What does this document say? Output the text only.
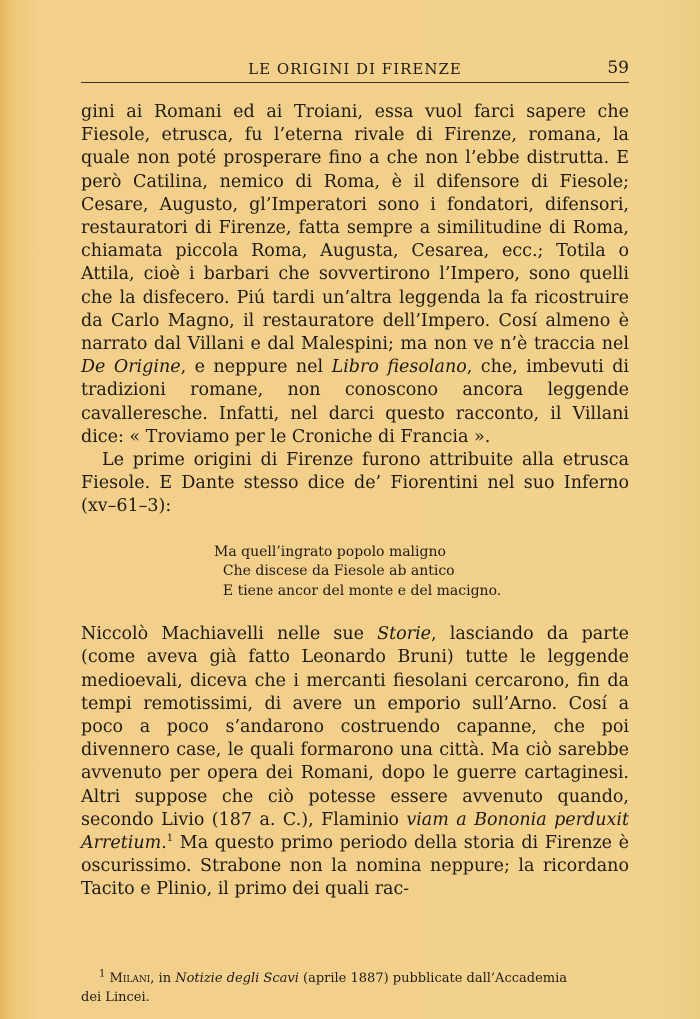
LE ORIGINI DI FIRENZE	59

gini ai Romani ed ai Troiani, essa vuol farci sapere che Fiesole, etrusca, fu l’eterna rivale di Firenze, romana, la quale non poté prosperare fino a che non l’ebbe distrutta. E però Catilina, nemico di Roma, è il difensore di Fiesole; Cesare, Augusto, gl’Imperatori sono i fondatori, difensori, restauratori di Firenze, fatta sempre a similitudine di Roma, chiamata piccola Roma, Augusta, Cesarea, ecc.; Totila o Attila, cioè i barbari che sovvertirono l’Impero, sono quelli che la disfecero. Piú tardi un’altra leggenda la fa ricostruire da Carlo Magno, il restauratore dell’Impero. Cosí almeno è narrato dal Villani e dal Malespini; ma non ve n’è traccia nel De Origine, e neppure nel Libro fiesolano, che, imbevuti di tradizioni romane, non conoscono ancora leggende cavalleresche. Infatti, nel darci questo racconto, il Villani dice: « Troviamo per le Croniche di Francia ».

Le prime origini di Firenze furono attribuite alla etrusca Fiesole. E Dante stesso dice de’ Fiorentini nel suo Inferno (xv–61–3):

Ma quell’ingrato popolo maligno
Che discese da Fiesole ab antico
E tiene ancor del monte e del macigno.

Niccolò Machiavelli nelle sue Storie, lasciando da parte (come aveva già fatto Leonardo Bruni) tutte le leggende medioevali, diceva che i mercanti fiesolani cercarono, fin da tempi remotissimi, di avere un emporio sull’Arno. Cosí a poco a poco s’andarono costruendo capanne, che poi divennero case, le quali formarono una città. Ma ciò sarebbe avvenuto per opera dei Romani, dopo le guerre cartaginesi. Altri suppose che ciò potesse essere avvenuto quando, secondo Livio (187 a. C.), Flaminio viam a Bononia perduxit Arretium.$^1$ Ma questo primo periodo della storia di Firenze è oscurissimo. Strabone non la nomina neppure; la ricordano Tacito e Plinio, il primo dei quali rac-

$^1$ Milani, in Notizie degli Scavi (aprile 1887) pubblicate dall’Accademia
dei Lincei.
